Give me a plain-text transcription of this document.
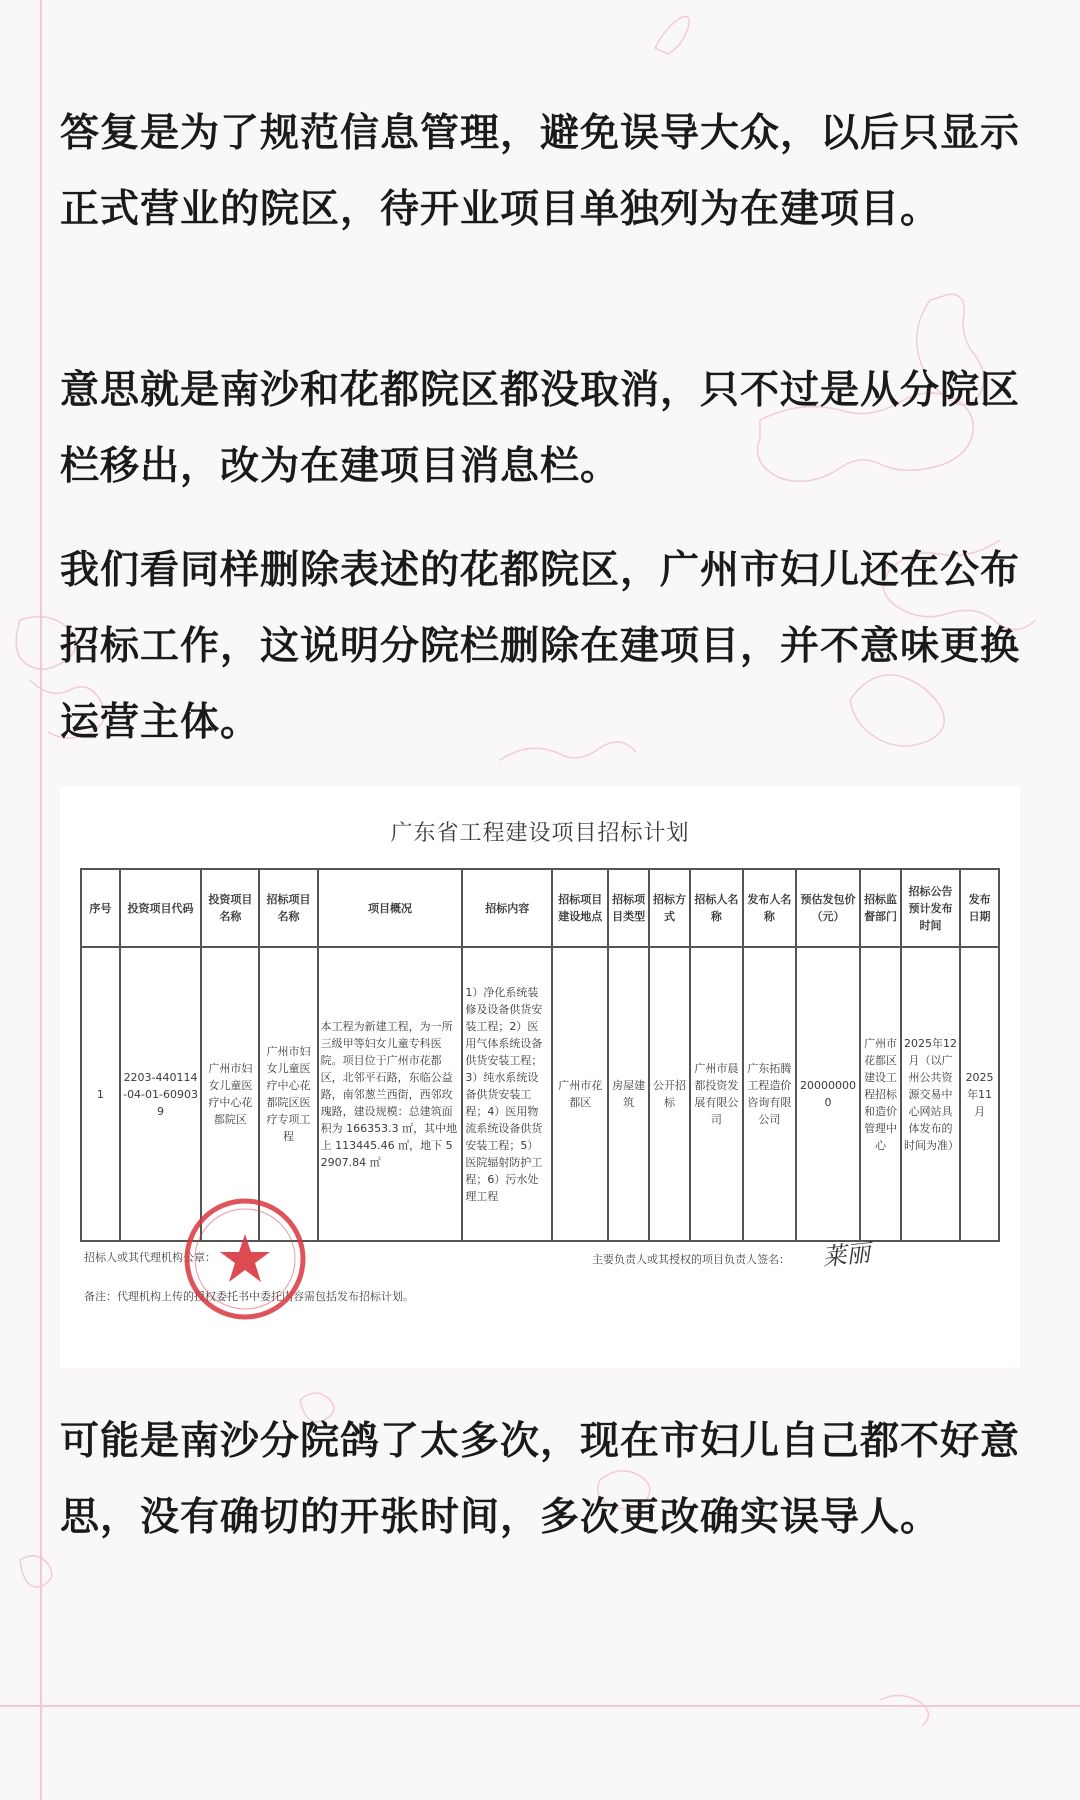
答复是为了规范信息管理，避免误导大众，以后只显示正式营业的院区，待开业项目单独列为在建项目。

意思就是南沙和花都院区都没取消，只不过是从分院区栏移出，改为在建项目消息栏。

我们看同样删除表述的花都院区，广州市妇儿还在公布招标工作，这说明分院栏删除在建项目，并不意味更换运营主体。

广东省工程建设项目招标计划
序号	投资项目代码	投资项目名称	招标项目名称	项目概况	招标内容	招标项目建设地点	招标项目类型	招标方式	招标人名称	发布人名称	预估发包价（元）	招标监督部门	招标公告预计发布时间	发布日期
1	2203-440114-04-01-609039	广州市妇女儿童医疗中心花都院区	广州市妇女儿童医疗中心花都院区医疗专项工程	本工程为新建工程，为一所三级甲等妇女儿童专科医院。项目位于广州市花都区，北邻平石路，东临公益路，南邻葱兰西街，西邻玫瑰路，建设规模：总建筑面积为 166353.3 ㎡，其中地上 113445.46 ㎡，地下 52907.84 ㎡	1）净化系统装修及设备供货安装工程；2）医用气体系统设备供货安装工程；3）纯水系统设备供货安装工程；4）医用物流系统设备供货安装工程；5）医院辐射防护工程；6）污水处理工程	广州市花都区	房屋建筑	公开招标	广州市晨都投资发展有限公司	广东拓腾工程造价咨询有限公司	200000000	广州市花都区建设工程招标和造价管理中心	2025年12月（以广州公共资源交易中心网站具体发布的时间为准）	2025年11月
招标人或其代理机构公章：
备注：代理机构上传的授权委托书中委托内容需包括发布招标计划。
主要负责人或其授权的项目负责人签名： 莱丽

可能是南沙分院鸽了太多次，现在市妇儿自己都不好意思，没有确切的开张时间，多次更改确实误导人。
